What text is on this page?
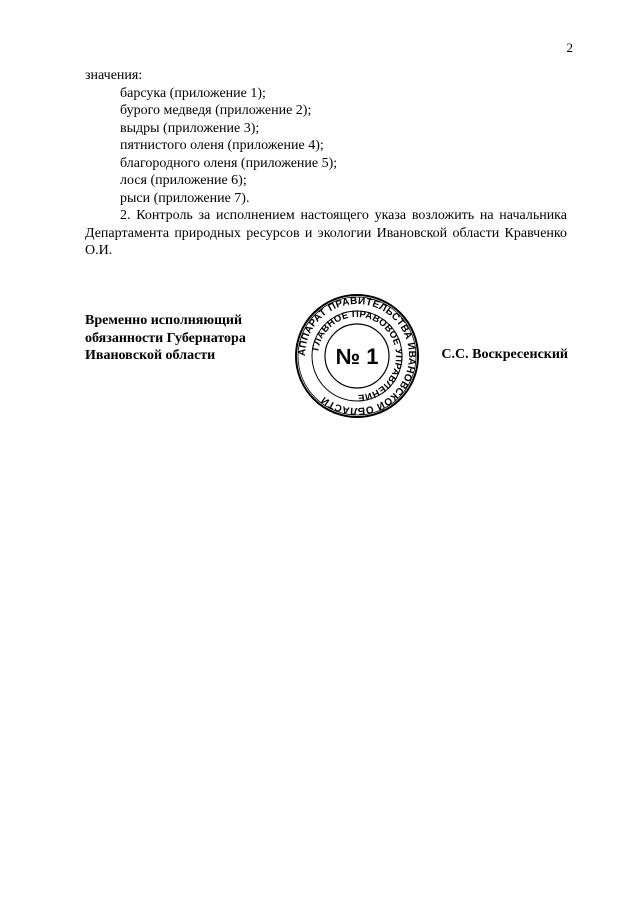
2

значения:

барсука (приложение 1);

бурого медведя (приложение 2);

выдры (приложение 3);

пятнистого оленя (приложение 4);

благородного оленя (приложение 5);

лося (приложение 6);

рыси (приложение 7).

2. Контроль за исполнением настоящего указа возложить на начальника Департамента природных ресурсов и экологии Ивановской области Кравченко О.И.

Временно исполняющий
обязанности Губернатора
Ивановской области	АППАРАТ ПРАВИТЕЛЬСТВА ИВАНОВСКОЙ ОБЛАСТИ
ГЛАВНОЕ ПРАВОВОЕ УПРАВЛЕНИЕ
№ 1	С.С. Воскресенский
